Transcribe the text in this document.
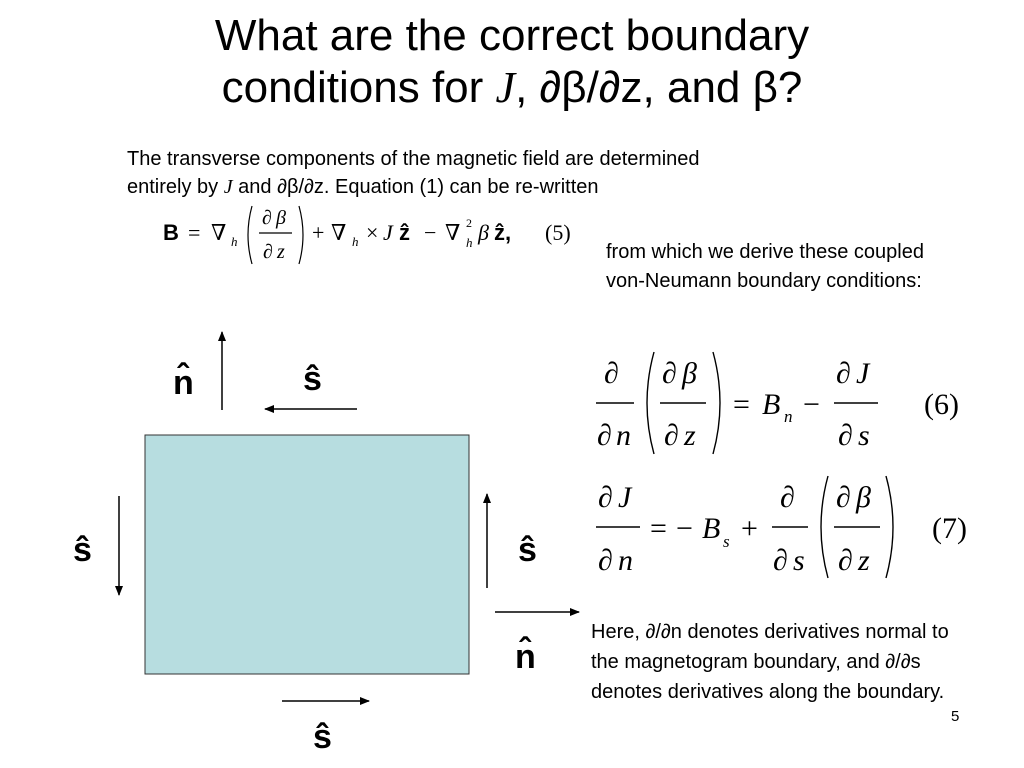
What are the correct boundary
conditions for J, ∂β/∂z, and β?
The transverse components of the magnetic field are determined
entirely by J and ∂β/∂z. Equation (1) can be re-written
from which we derive these coupled von-Neumann boundary conditions:
Here, ∂/∂n denotes derivatives normal to the magnetogram boundary, and ∂/∂s denotes derivatives along the boundary.
5
B = ∇ h
∂ β
∂ z
+ ∇ h × J ẑ − ∇ 2
h β ẑ, (5)
∂
∂ n
∂ β
∂ z
= B n −
∂ J
∂ s
(6)
∂ J
∂ n
= − B s +
∂
∂ s
∂ β
∂ z
(7)
n̂	ŝ
ŝ	ŝ
n̂
ŝ
